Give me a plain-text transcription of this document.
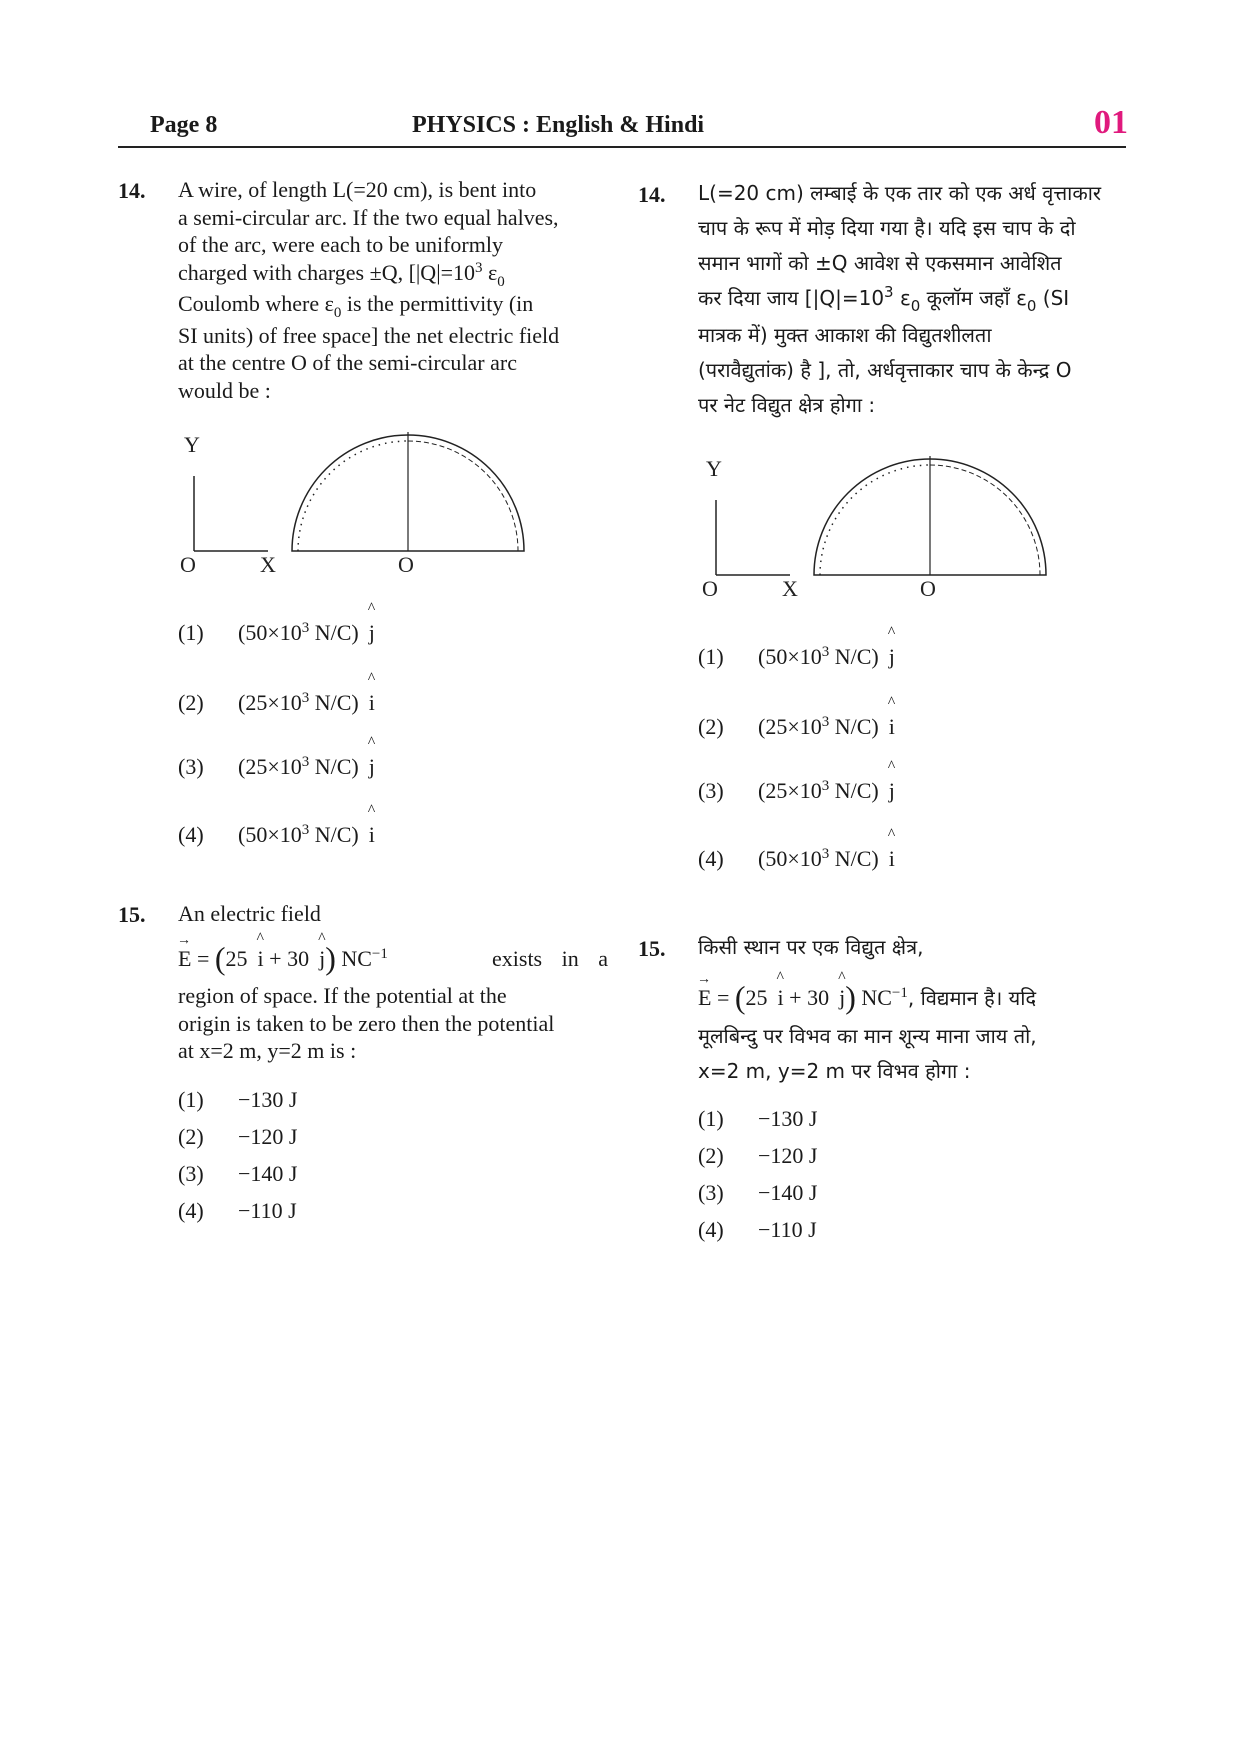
Page 8	PHYSICS : English & Hindi	01
14. A wire, of length L(=20 cm), is bent into
a semi-circular arc. If the two equal halves,
of the arc, were each to be uniformly
charged with charges ±Q, [$|Q|=10^3$ $\varepsilon_0$
Coulomb where $\varepsilon_0$ is the permittivity (in
SI units) of free space] the net electric field
at the centre O of the semi-circular arc
would be :
Y
O	X	O
(1) ($50\times 10^3$ N/C) ^ j
(2) ($25\times 10^3$ N/C) ^ i
(3) ($25\times 10^3$ N/C) ^ j
(4) ($50\times 10^3$ N/C) ^ i
15. An electric field
→ E = (25 ^ i + 30 ^ j) $NC^{-1}$	exists in a
region of space. If the potential at the
origin is taken to be zero then the potential
at x=2 m, y=2 m is :
(1) −130 J
(2) −120 J
(3) −140 J
(4) −110 J
14. L(=20 cm) लम्बाई के एक तार को एक अर्ध वृत्ताकार
चाप के रूप में मोड़ दिया गया है। यदि इस चाप के दो
समान भागों को ±Q आवेश से एकसमान आवेशित
कर दिया जाय [$|Q|=10^3$ $\varepsilon_0$ कूलॉम जहाँ $\varepsilon_0$ (SI
मात्रक में) मुक्त आकाश की विद्युतशीलता
(परावैद्युतांक) है ], तो, अर्धवृत्ताकार चाप के केन्द्र O
पर नेट विद्युत क्षेत्र होगा :
Y
O	X	O
(1) ($50\times 10^3$ N/C) ^ j
(2) ($25\times 10^3$ N/C) ^ i
(3) ($25\times 10^3$ N/C) ^ j
(4) ($50\times 10^3$ N/C) ^ i
15. किसी स्थान पर एक विद्युत क्षेत्र,
→ E = (25 ^ i + 30 ^ j) $NC^{-1}$, विद्यमान है। यदि
मूलबिन्दु पर विभव का मान शून्य माना जाय तो,
x=2 m, y=2 m पर विभव होगा :
(1) −130 J
(2) −120 J
(3) −140 J
(4) −110 J
